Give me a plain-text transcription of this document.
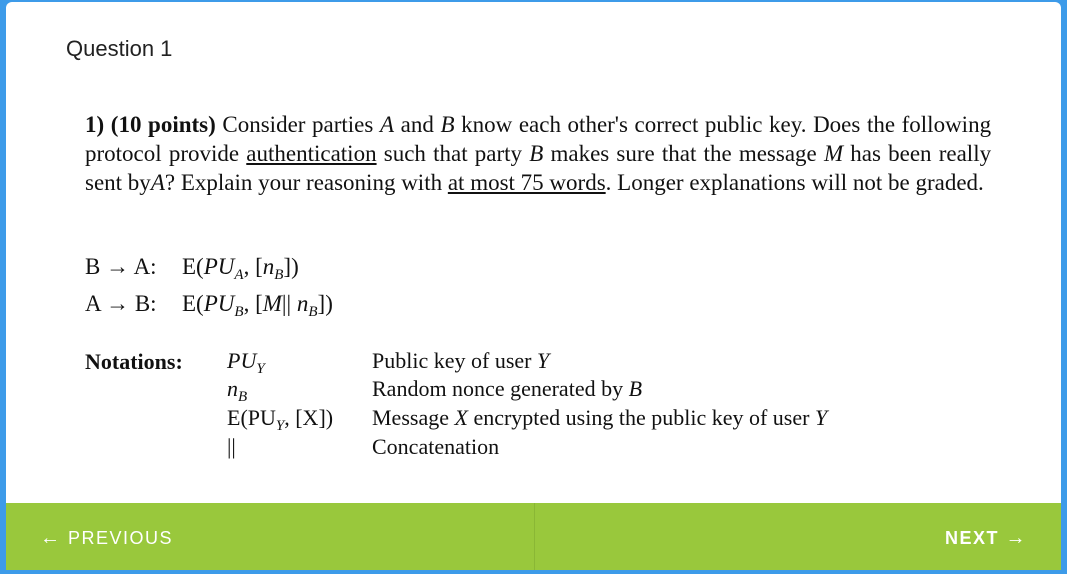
Question 1
1) (10 points) Consider parties A and B know each other's correct public key. Does the following protocol provide authentication such that party B makes sure that the message M has been really sent byA? Explain your reasoning with at most 75 words. Longer explanations will not be graded.
B → A: $E(PU_A$, $[n_B]$)
A → B: $E(PU_B$, [M|| $n_B$])
Notations: $PU_Y$	Public key of user Y
$n_B$	Random nonce generated by B
$E(PU_Y$, [X]) Message X encrypted using the public key of user Y
||	Concatenation
← PREVIOUS	NEXT →
